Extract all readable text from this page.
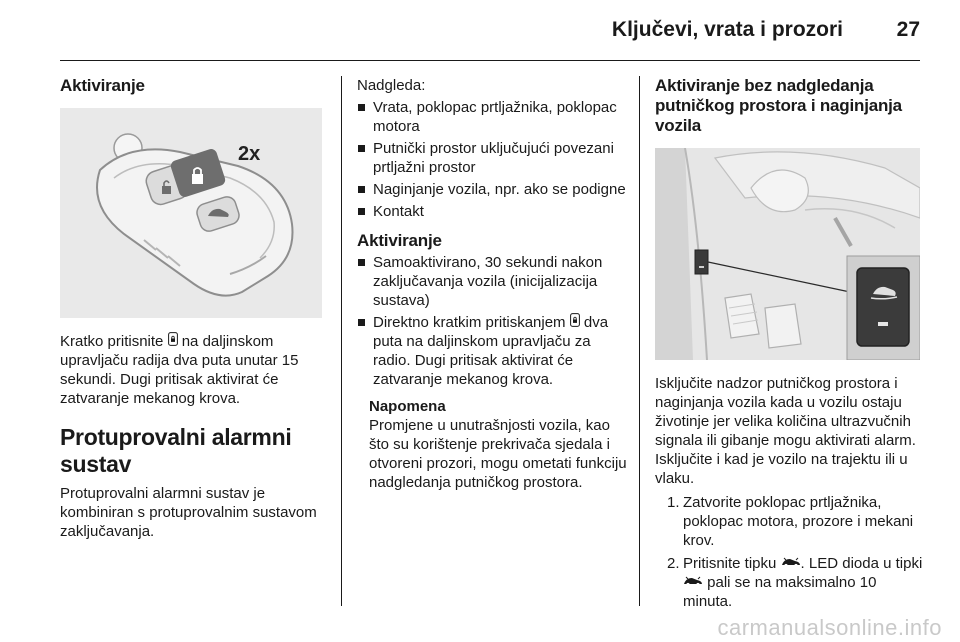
Ključevi, vrata i prozori	27
Aktiviranje
2x
Kratko pritisnite  na daljinskom upravljaču radija dva puta unutar 15 sekundi. Dugi pritisak aktivirat će zatvaranje mekanog krova.
Protuprovalni alarmni sustav
Protuprovalni alarmni sustav je kombiniran s protuprovalnim sustavom zaključavanja.
Nadgleda:
Vrata, poklopac prtljažnika, poklopac motora
Putnički prostor uključujući povezani prtljažni prostor
Naginjanje vozila, npr. ako se podigne
Kontakt
Aktiviranje
Samoaktivirano, 30 sekundi nakon zaključavanja vozila (inicijalizacija sustava)
Direktno kratkim pritiskanjem  dva puta na daljinskom upravljaču za radio. Dugi pritisak aktivirat će zatvaranje mekanog krova.
Napomena
Promjene u unutrašnjosti vozila, kao što su korištenje prekrivača sjedala i otvoreni prozori, mogu ometati funkciju nadgledanja putničkog prostora.
Aktiviranje bez nadgledanja putničkog prostora i naginjanja vozila
Isključite nadzor putničkog prostora i naginjanja vozila kada u vozilu ostaju životinje jer velika količina ultrazvučnih signala ili gibanje mogu aktivirati alarm. Isključite i kad je vozilo na trajektu ili u vlaku.
1. Zatvorite poklopac prtljažnika, poklopac motora, prozore i mekani krov.
2. Pritisnite tipku . LED dioda u tipki  pali se na maksimalno 10 minuta.
carmanualsonline.info
